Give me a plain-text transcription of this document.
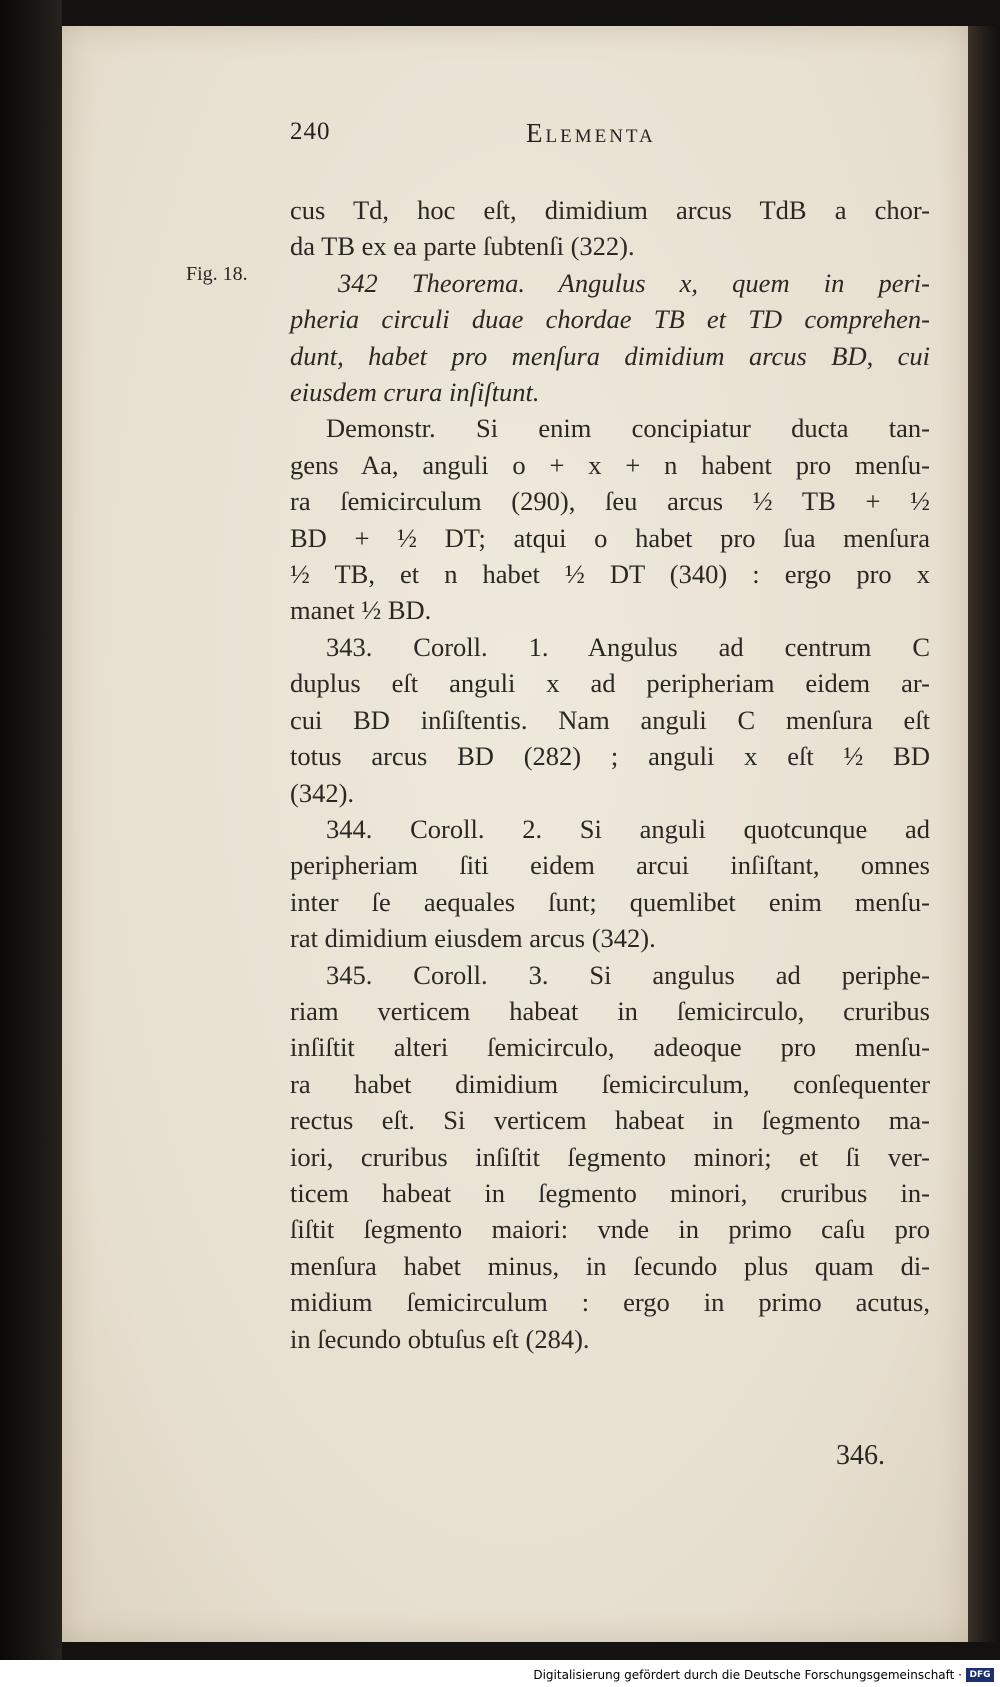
240	Elementa
Fig. 18.
cus Td, hoc eſt, dimidium arcus TdB a chor-
da TB ex ea parte ſubtenſi (322).
342 Theorema. Angulus x, quem in peri-
pheria circuli duae chordae TB et TD comprehen-
dunt, habet pro menſura dimidium arcus BD, cui
eiusdem crura inſiſtunt.
Demonstr. Si enim concipiatur ducta tan-
gens Aa, anguli o + x + n habent pro menſu-
ra ſemicirculum (290), ſeu arcus ½ TB + ½
BD + ½ DT; atqui o habet pro ſua menſura
½ TB, et n habet ½ DT (340) : ergo pro x
manet ½ BD.
343. Coroll. 1. Angulus ad centrum C
duplus eſt anguli x ad peripheriam eidem ar-
cui BD inſiſtentis. Nam anguli C menſura eſt
totus arcus BD (282) ; anguli x eſt ½ BD
(342).
344. Coroll. 2. Si anguli quotcunque ad
peripheriam ſiti eidem arcui inſiſtant, omnes
inter ſe aequales ſunt; quemlibet enim menſu-
rat dimidium eiusdem arcus (342).
345. Coroll. 3. Si angulus ad periphe-
riam verticem habeat in ſemicirculo, cruribus
inſiſtit alteri ſemicirculo, adeoque pro menſu-
ra habet dimidium ſemicirculum, conſequenter
rectus eſt. Si verticem habeat in ſegmento ma-
iori, cruribus inſiſtit ſegmento minori; et ſi ver-
ticem habeat in ſegmento minori, cruribus in-
ſiſtit ſegmento maiori: vnde in primo caſu pro
menſura habet minus, in ſecundo plus quam di-
midium ſemicirculum : ergo in primo acutus,
in ſecundo obtuſus eſt (284).
346.
Digitalisierung gefördert durch die Deutsche Forschungsgemeinschaft · DFG
